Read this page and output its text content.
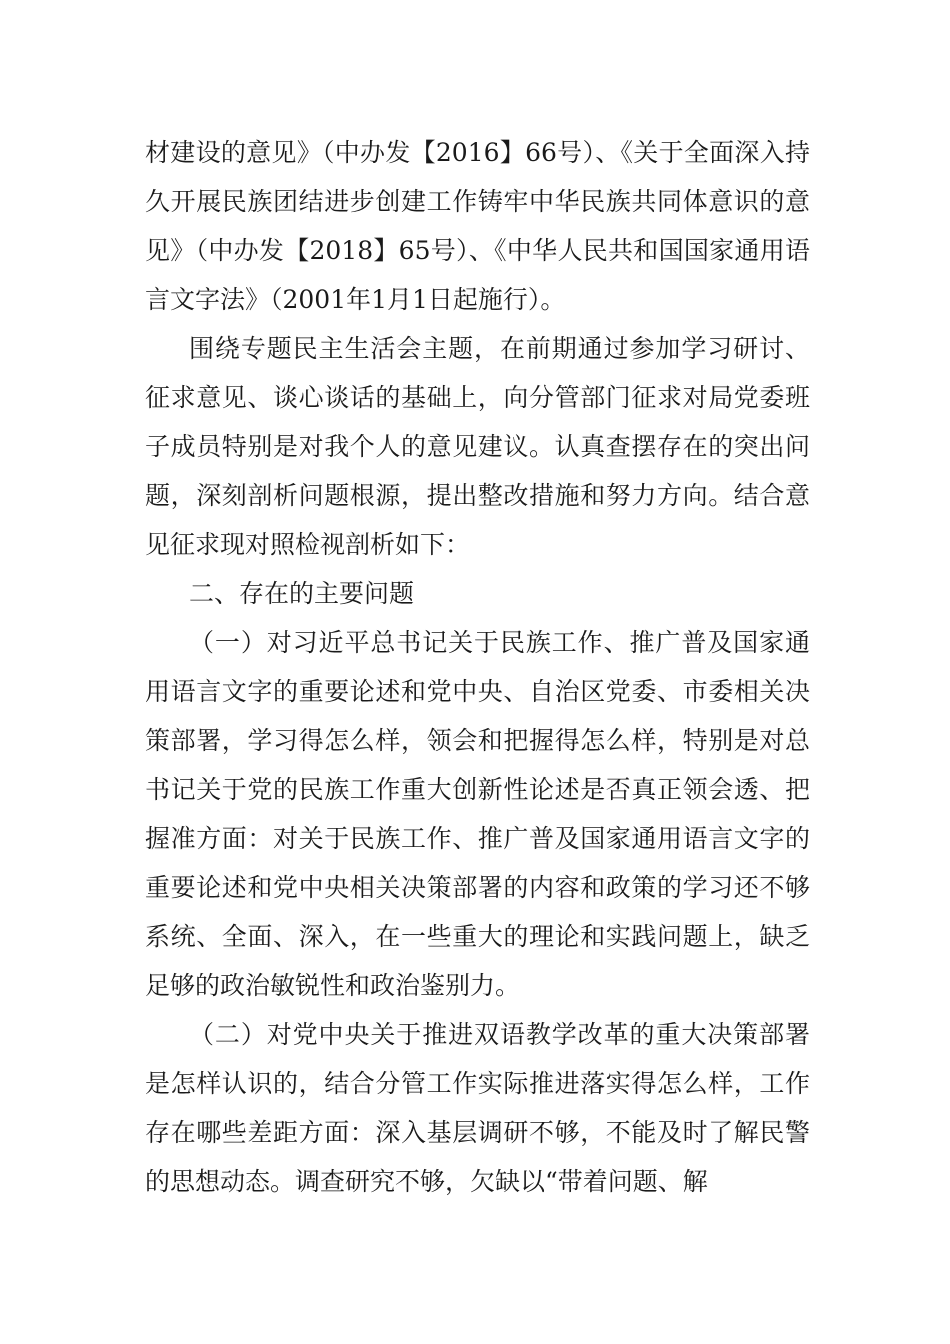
材建设的意见》（中办发【2016】66号）、《关于全面深入持久开展民族团结进步创建工作铸牢中华民族共同体意识的意见》（中办发【2018】65号）、《中华人民共和国国家通用语言文字法》（2001年1月1日起施行）。

围绕专题民主生活会主题，在前期通过参加学习研讨、征求意见、谈心谈话的基础上，向分管部门征求对局党委班子成员特别是对我个人的意见建议。认真查摆存在的突出问题，深刻剖析问题根源，提出整改措施和努力方向。结合意见征求现对照检视剖析如下：

二、存在的主要问题

（一）对习近平总书记关于民族工作、推广普及国家通用语言文字的重要论述和党中央、自治区党委、市委相关决策部署，学习得怎么样，领会和把握得怎么样，特别是对总书记关于党的民族工作重大创新性论述是否真正领会透、把握准方面：对关于民族工作、推广普及国家通用语言文字的重要论述和党中央相关决策部署的内容和政策的学习还不够系统、全面、深入，在一些重大的理论和实践问题上，缺乏足够的政治敏锐性和政治鉴别力。

（二）对党中央关于推进双语教学改革的重大决策部署是怎样认识的，结合分管工作实际推进落实得怎么样，工作存在哪些差距方面：深入基层调研不够，不能及时了解民警的思想动态。调查研究不够，欠缺以“带着问题、解
